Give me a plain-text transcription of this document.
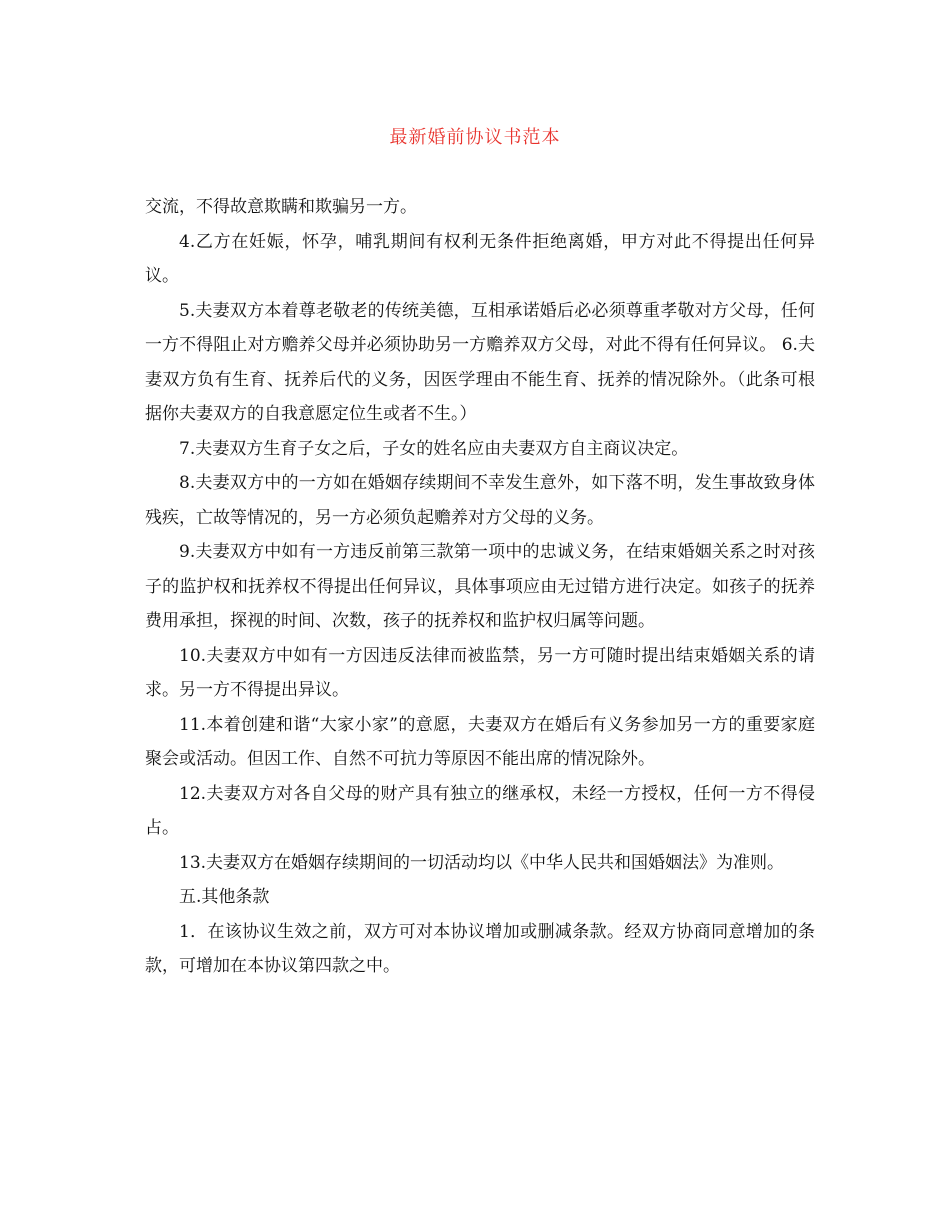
最新婚前协议书范本

交流，不得故意欺瞒和欺骗另一方。

4.乙方在妊娠，怀孕，哺乳期间有权利无条件拒绝离婚，甲方对此不得提出任何异议。

5.夫妻双方本着尊老敬老的传统美德，互相承诺婚后必必须尊重孝敬对方父母，任何一方不得阻止对方赡养父母并必须协助另一方赡养双方父母，对此不得有任何异议。 6.夫妻双方负有生育、抚养后代的义务，因医学理由不能生育、抚养的情况除外。（此条可根据你夫妻双方的自我意愿定位生或者不生。）

7.夫妻双方生育子女之后，子女的姓名应由夫妻双方自主商议决定。

8.夫妻双方中的一方如在婚姻存续期间不幸发生意外，如下落不明，发生事故致身体残疾，亡故等情况的，另一方必须负起赡养对方父母的义务。

9.夫妻双方中如有一方违反前第三款第一项中的忠诚义务，在结束婚姻关系之时对孩子的监护权和抚养权不得提出任何异议，具体事项应由无过错方进行决定。如孩子的抚养费用承担，探视的时间、次数，孩子的抚养权和监护权归属等问题。

10.夫妻双方中如有一方因违反法律而被监禁，另一方可随时提出结束婚姻关系的请求。另一方不得提出异议。

11.本着创建和谐“大家小家”的意愿，夫妻双方在婚后有义务参加另一方的重要家庭聚会或活动。但因工作、自然不可抗力等原因不能出席的情况除外。

12.夫妻双方对各自父母的财产具有独立的继承权，未经一方授权，任何一方不得侵占。

13.夫妻双方在婚姻存续期间的一切活动均以《中华人民共和国婚姻法》为准则。

五.其他条款

1．在该协议生效之前，双方可对本协议增加或删减条款。经双方协商同意增加的条款，可增加在本协议第四款之中。
